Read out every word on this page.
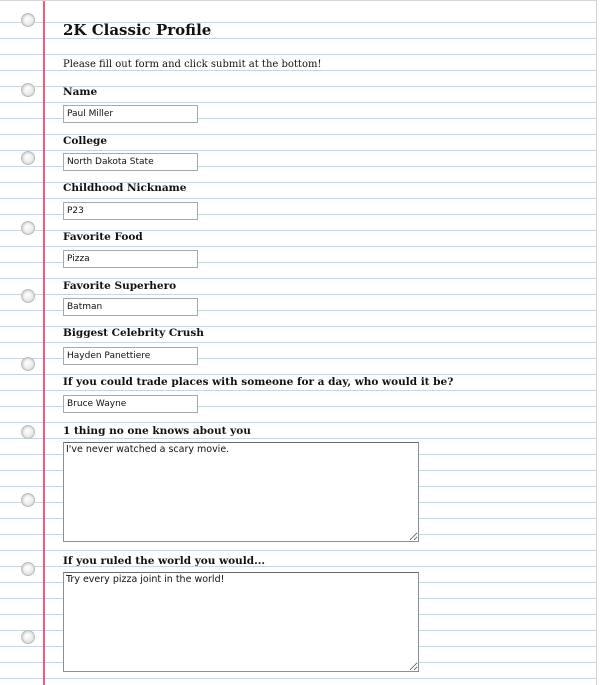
2K Classic Profile
Please fill out form and click submit at the bottom!
Name
Paul Miller
College
North Dakota State
Childhood Nickname
P23
Favorite Food
Pizza
Favorite Superhero
Batman
Biggest Celebrity Crush
Hayden Panettiere
If you could trade places with someone for a day, who would it be?
Bruce Wayne
1 thing no one knows about you
I've never watched a scary movie.
If you ruled the world you would...
Try every pizza joint in the world!
